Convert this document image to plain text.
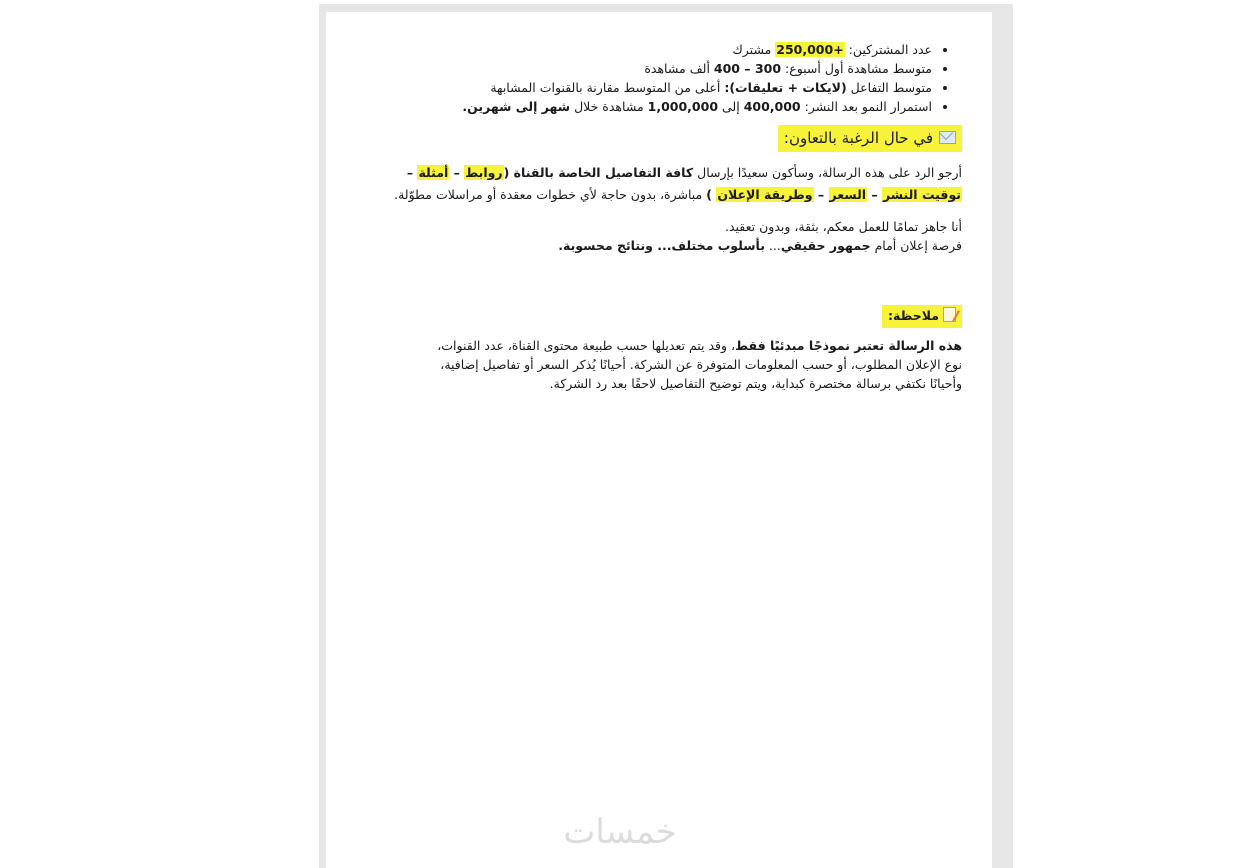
• عدد المشتركين: +250,000 مشترك
• متوسط مشاهدة أول أسبوع: 300 – 400 ألف مشاهدة
• متوسط التفاعل (لايكات + تعليقات): أعلى من المتوسط مقارنة بالقنوات المشابهة
• استمرار النمو بعد النشر: 400,000 إلى 1,000,000 مشاهدة خلال شهر إلى شهرين.
في حال الرغبة بالتعاون:

أرجو الرد على هذه الرسالة، وسأكون سعيدًا بإرسال كافة التفاصيل الخاصة بالقناة (روابط – أمثلة –
توقيت النشر – السعر – وطريقة الإعلان ) مباشرة، بدون حاجة لأي خطوات معقدة أو مراسلات مطوّلة.

أنا جاهز تمامًا للعمل معكم، بثقة، وبدون تعقيد.
فرصة إعلان أمام جمهور حقيقي... بأسلوب مختلف... ونتائج محسوبة.

ملاحظة:

هذه الرسالة تعتبر نموذجًا مبدئيًا فقط، وقد يتم تعديلها حسب طبيعة محتوى القناة، عدد القنوات،
نوع الإعلان المطلوب، أو حسب المعلومات المتوفرة عن الشركة. أحيانًا يُذكر السعر أو تفاصيل إضافية،
وأحيانًا نكتفي برسالة مختصرة كبداية، ويتم توضيح التفاصيل لاحقًا بعد رد الشركة.

خمسات
